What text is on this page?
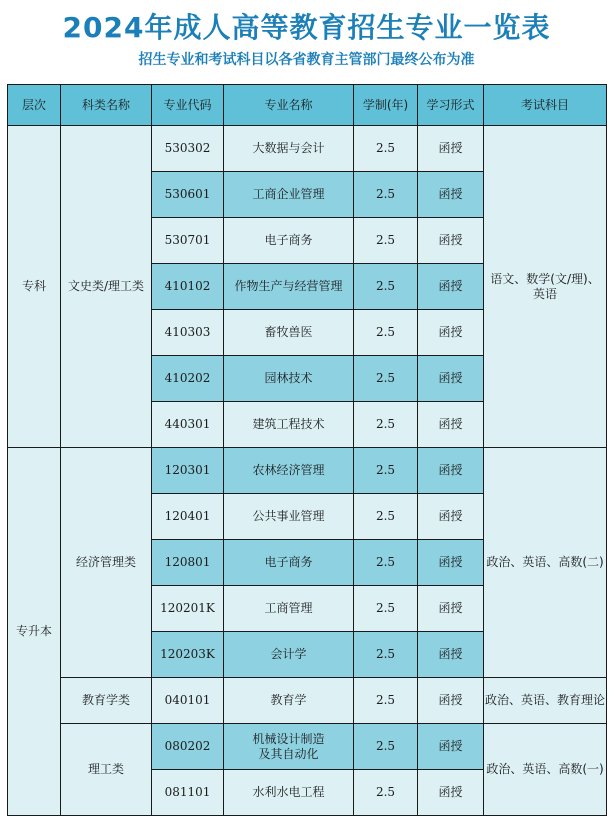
2024年成人高等教育招生专业一览表
招生专业和考试科目以各省教育主管部门最终公布为准
层次	科类名称	专业代码	专业名称	学制(年)	学习形式	考试科目
专科	文史类/理工类	530302	大数据与会计	2.5	函授	语文、数学(文/理)、
英语

		530601	工商企业管理	2.5	函授	
		530701	电子商务	2.5	函授	
		410102	作物生产与经营管理	2.5	函授	
		410303	畜牧兽医	2.5	函授	
		410202	园林技术	2.5	函授	
		440301	建筑工程技术	2.5	函授	
专升本	经济管理类	120301	农林经济管理	2.5	函授	政治、英语、高数(二)
		120401	公共事业管理	2.5	函授	
		120801	电子商务	2.5	函授	
		120201K	工商管理	2.5	函授	
		120203K	会计学	2.5	函授	
	教育学类	040101	教育学	2.5	函授	政治、英语、教育理论
	理工类	080202	机械设计制造
及其自动化	2.5	函授	政治、英语、高数(一)
		081101	水利水电工程	2.5	函授	
